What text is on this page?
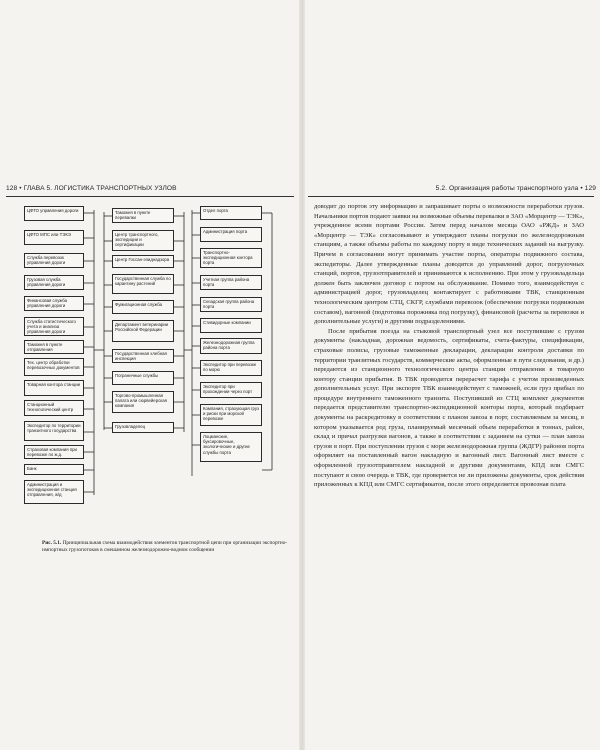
128 • ГЛАВА 5. ЛОГИСТИКА ТРАНСПОРТНЫХ УЗЛОВ	5.2. Организация работы транспортного узла • 129
ЦФТО управления дороги
ЦФТО МПС или ТЭКЭ
Служба перевозок управления дороги
Грузовая служба управления дороги
Финансовая служба управления дороги
Служба статистического учета и анализа управления дороги
Таможня в пункте отправления
Тех. центр обработки перевозочных документов
Товарная контора станции
Станционный технологический центр
Экспедитор по территории транзитного государства
Страховая компания при перевозке по ж.д.
Банк
Администрация и экспедиционная станция отправления, ж/д
Таможня в пункте перевалки
Центр транспортного, экспедиции и сертификации
Центр Госсан-эпиднадзора
Государственная служба по карантину растений
Фумигационная служба
Департамент ветеринарии Российской Федерации
Государственная хлебная инспекция
Пограничные службы
Торгово-промышленная палата или сюрвейерская компания
Грузовладелец
Отдел порта
Администрация порта
Транспортно-экспедиционная контора порта
Учетная группа района порта
Складская группа района порта
Стивидорные компании
Железнодорожная группа района порта
Экспедитор при перевозке по морю
Экспедитор при прохождении через порт
Компания, страхующая груз и риски при морской перевозке
Лоцманские, буксировочные, экологические и другие службы порта
Рис. 5.1. Принципиальная схема взаимодействия элементов транспортной цепи при организации экспортно-импортных грузопотоков в смешанном железнодорожно-водном сообщении

доводит до портов эту информацию и запрашивает порты о возможности переработки грузов. Начальники портов подают заявки на возможные объемы перевалки в ЗАО «Морцентр — ТЭК», учрежденное всеми портами России. Затем перед началом месяца ОАО «РЖД» и ЗАО «Морцентр — ТЭК» согласовывают и утверждают планы погрузки по железнодорожным станциям, а также объемы работы по каждому порту в виде технических заданий на выгрузку. Причем в согласовании могут принимать участие порты, операторы подвижного состава, экспедиторы. Далее утвержденные планы доводятся до управлений дорог, погрузочных станций, портов, грузоотправителей и принимаются к исполнению. При этом у грузовладельца должен быть заключен договор с портом на обслуживание. Помимо того, взаимодействуя с администрацией дорог, грузовладелец контактирует с работниками ТВК, станционным технологическим центром СТЦ, СКГР, службами перевозок (обеспечение погрузки подвижным составом), вагонной (подготовка порожняка под погрузку), финансовой (расчеты за перевозки и дополнительные услуги) и другими подразделениями.

После прибытия поезда на стыковой транспортный узел все поступившие с грузом документы (накладная, дорожная ведомость, сертификаты, счета-фактуры, спецификации, страховые полисы, грузовые таможенные декларации, декларации контроля доставки по территории транзитных государств, коммерческие акты, оформленные в пути следования, и др.) передаются из станционного технологического центра станции отправления в товарную контору станции прибытия. В ТВК проводится перерасчет тарифа с учетом произведенных дополнительных услуг. При экспорте ТВК взаимодействует с таможней, если груз прибыл по процедуре внутреннего таможенного транзита. Поступивший из СТЦ комплект документов передается представителю транспортно-экспедиционной конторы порта, который подбирает документы на раскредитовку в соответствии с планом завоза в порт, составляемым за месяц, в котором указывается род груза, планируемый месячный объем переработки в тоннах, район, склад и причал разгрузки вагонов, а также в соответствии с заданием на сутки — план завоза грузов в порт. При поступлении грузов с моря железнодорожная группа (ЖДГР) районов порта оформляет на поставленный вагон накладную и вагонный лист. Вагонный лист вместе с оформленной грузоотправителем накладной и другими документами, КПД или СМГС поступают в свою очередь в ТВК, где проверяется не ли приложены документы, срок действия приложенных к КПД или СМГС сертификатов, после этого определяется провозная плата
